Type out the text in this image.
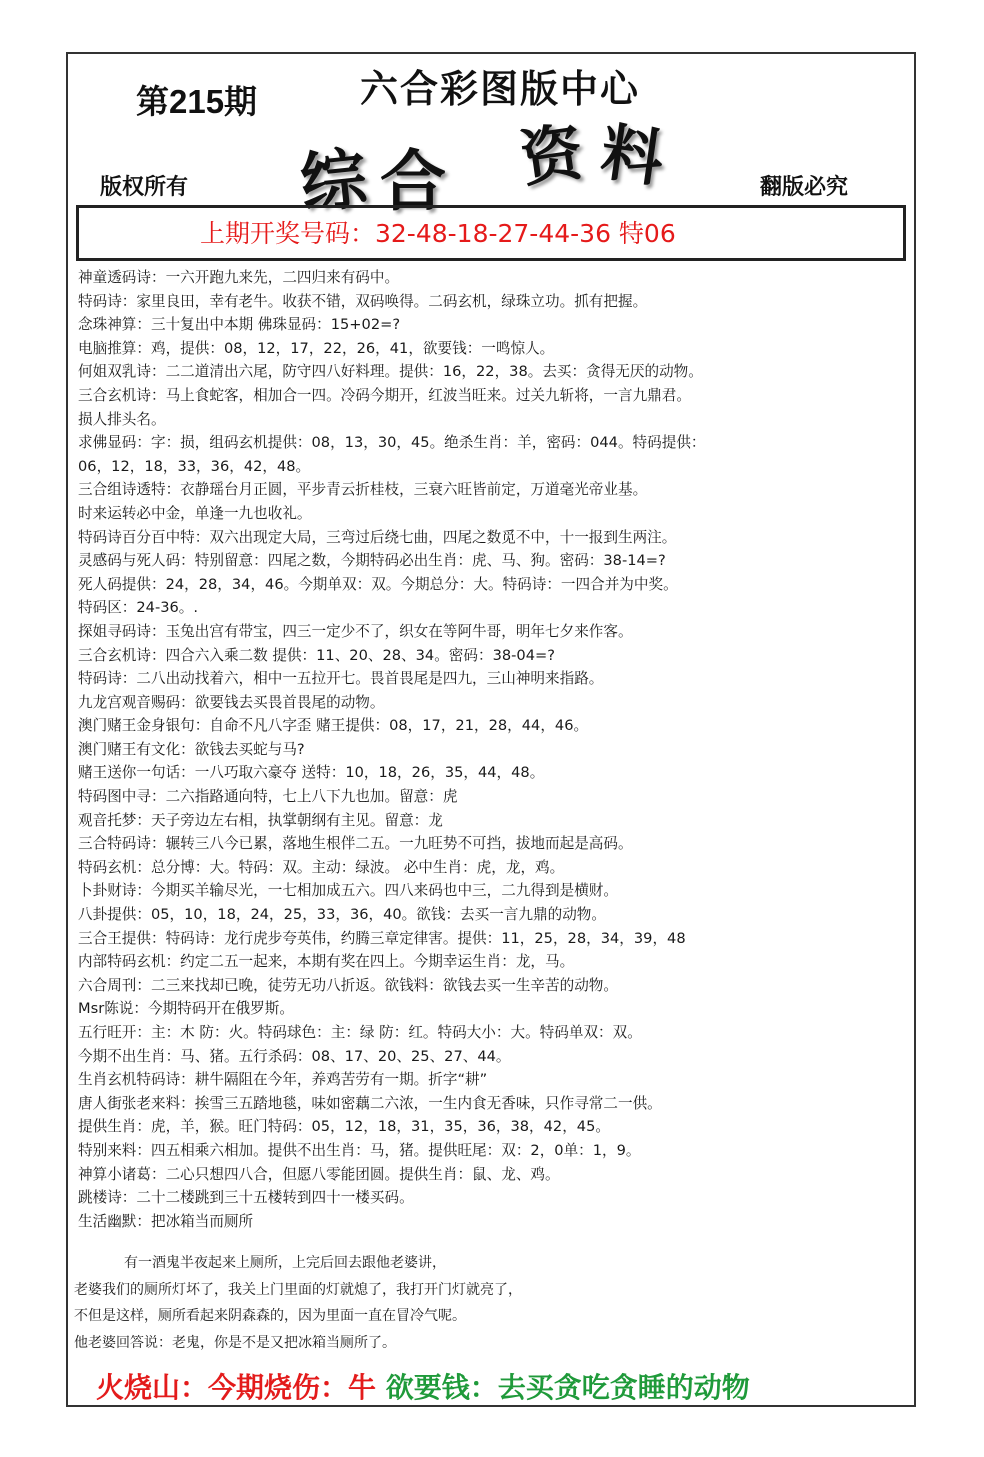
第215期	六合彩图版中心
综 合 资 料
版权所有	翻版必究
上期开奖号码：32-48-18-27-44-36 特06
神童透码诗：一六开跑九来先，二四归来有码中。
特码诗：家里良田，幸有老牛。收获不错，双码唤得。二码玄机，绿珠立功。抓有把握。
念珠神算：三十复出中本期 佛珠显码：15+02=?
电脑推算：鸡，提供：08，12，17，22，26，41，欲要钱：一鸣惊人。
何姐双乳诗：二二道清出六尾，防守四八好料理。提供：16，22，38。去买：贪得无厌的动物。
三合玄机诗：马上食蛇客，相加合一四。冷码今期开，红波当旺来。过关九斩将，一言九鼎君。
损人排头名。
求佛显码：字：损，组码玄机提供：08，13，30，45。绝杀生肖：羊，密码：044。特码提供：
06，12，18，33，36，42，48。
三合组诗透特：衣静瑶台月正圆，平步青云折桂枝，三衰六旺皆前定，万道毫光帝业基。
时来运转必中金，单逢一九也收礼。
特码诗百分百中特：双六出现定大局，三弯过后绕七曲，四尾之数觅不中，十一报到生两注。
灵感码与死人码：特别留意：四尾之数，今期特码必出生肖：虎、马、狗。密码：38-14=?
死人码提供：24，28，34，46。今期单双：双。今期总分：大。特码诗：一四合并为中奖。
特码区：24-36。.
探姐寻码诗：玉兔出宫有带宝，四三一定少不了，织女在等阿牛哥，明年七夕来作客。
三合玄机诗：四合六入乘二数 提供：11、20、28、34。密码：38-04=?
特码诗：二八出动找着六，相中一五拉开七。畏首畏尾是四九，三山神明来指路。
九龙宫观音赐码：欲要钱去买畏首畏尾的动物。
澳门赌王金身银句：自命不凡八字歪 赌王提供：08，17，21，28，44，46。
澳门赌王有文化：欲钱去买蛇与马?
赌王送你一句话：一八巧取六豪夺 送特：10，18，26，35，44，48。
特码图中寻：二六指路通向特，七上八下九也加。留意：虎
观音托梦：天子旁边左右相，执掌朝纲有主见。留意：龙
三合特码诗：辗转三八今已累，落地生根伴二五。一九旺势不可挡，拔地而起是高码。
特码玄机：总分博：大。特码：双。主动：绿波。 必中生肖：虎，龙，鸡。
卜卦财诗：今期买羊输尽光，一七相加成五六。四八来码也中三，二九得到是横财。
八卦提供：05，10，18，24，25，33，36，40。欲钱：去买一言九鼎的动物。
三合王提供：特码诗：龙行虎步夸英伟，约腾三章定律害。提供：11，25，28，34，39，48
内部特码玄机：约定二五一起来，本期有奖在四上。今期幸运生肖：龙，马。
六合周刊：二三来找却已晚，徒劳无功八折返。欲钱料：欲钱去买一生辛苦的动物。
Msr陈说：今期特码开在俄罗斯。
五行旺开：主：木 防：火。特码球色：主：绿 防：红。特码大小：大。特码单双：双。
今期不出生肖：马、猪。五行杀码：08、17、20、25、27、44。
生肖玄机特码诗：耕牛隔阻在今年，养鸡苦劳有一期。折字“耕”
唐人街张老来料：挨雪三五踏地毯，味如密藕二六浓，一生内食无香味，只作寻常二一供。
提供生肖：虎，羊，猴。旺门特码：05，12，18，31，35，36，38，42，45。
特别来料：四五相乘六相加。提供不出生肖：马，猪。提供旺尾：双：2，0单：1，9。
神算小诸葛：二心只想四八合，但愿八零能团圆。提供生肖：鼠、龙、鸡。
跳楼诗：二十二楼跳到三十五楼转到四十一楼买码。
生活幽默：把冰箱当而厕所
有一酒鬼半夜起来上厕所，上完后回去跟他老婆讲，
老婆我们的厕所灯坏了，我关上门里面的灯就熄了，我打开门灯就亮了，
不但是这样，厕所看起来阴森森的，因为里面一直在冒冷气呢。
他老婆回答说：老鬼，你是不是又把冰箱当厕所了。
火烧山：今期烧伤：牛 欲要钱：去买贪吃贪睡的动物
